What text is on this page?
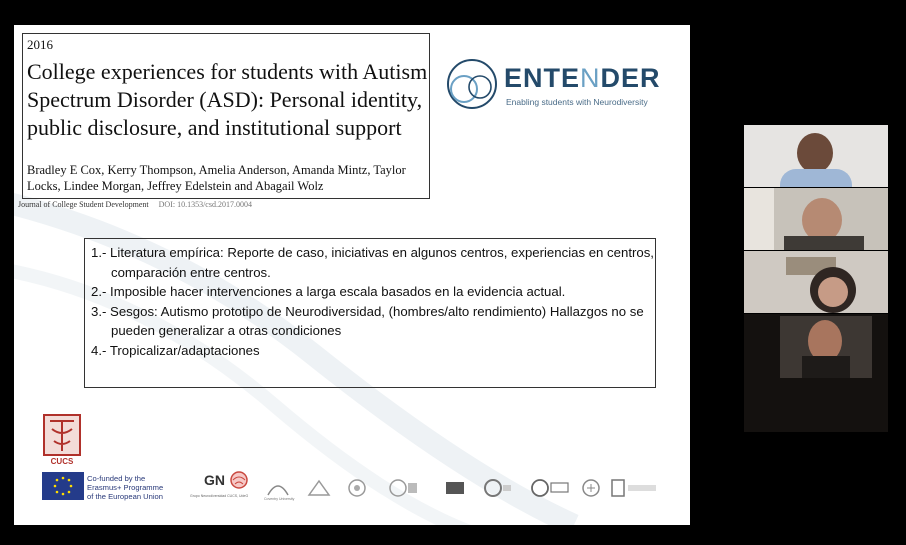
2016
College experiences for students with Autism Spectrum Disorder (ASD): Personal identity, public disclosure, and institutional support
Bradley E Cox, Kerry Thompson, Amelia Anderson, Amanda Mintz, Taylor Locks, Lindee Morgan, Jeffrey Edelstein and Abagail Wolz
Journal of College Student Development DOI: 10.1353/csd.2017.0004
ENTENDER
Enabling students with Neurodiversity
1.- Literatura empírica: Reporte de caso, iniciativas en algunos centros, experiencias en centros, comparación entre centros.
2.- Imposible hacer intervenciones a larga escala basados en la evidencia actual.
3.- Sesgos: Autismo prototipo de Neurodiversidad, (hombres/alto rendimiento) Hallazgos no se pueden generalizar a otras condiciones
4.- Tropicalizar/adaptaciones
CUCS
Co-funded by the
Erasmus+ Programme
of the European Union
GN
Grupo Neurodiversidad CUCS, UdeG
Coventry University
